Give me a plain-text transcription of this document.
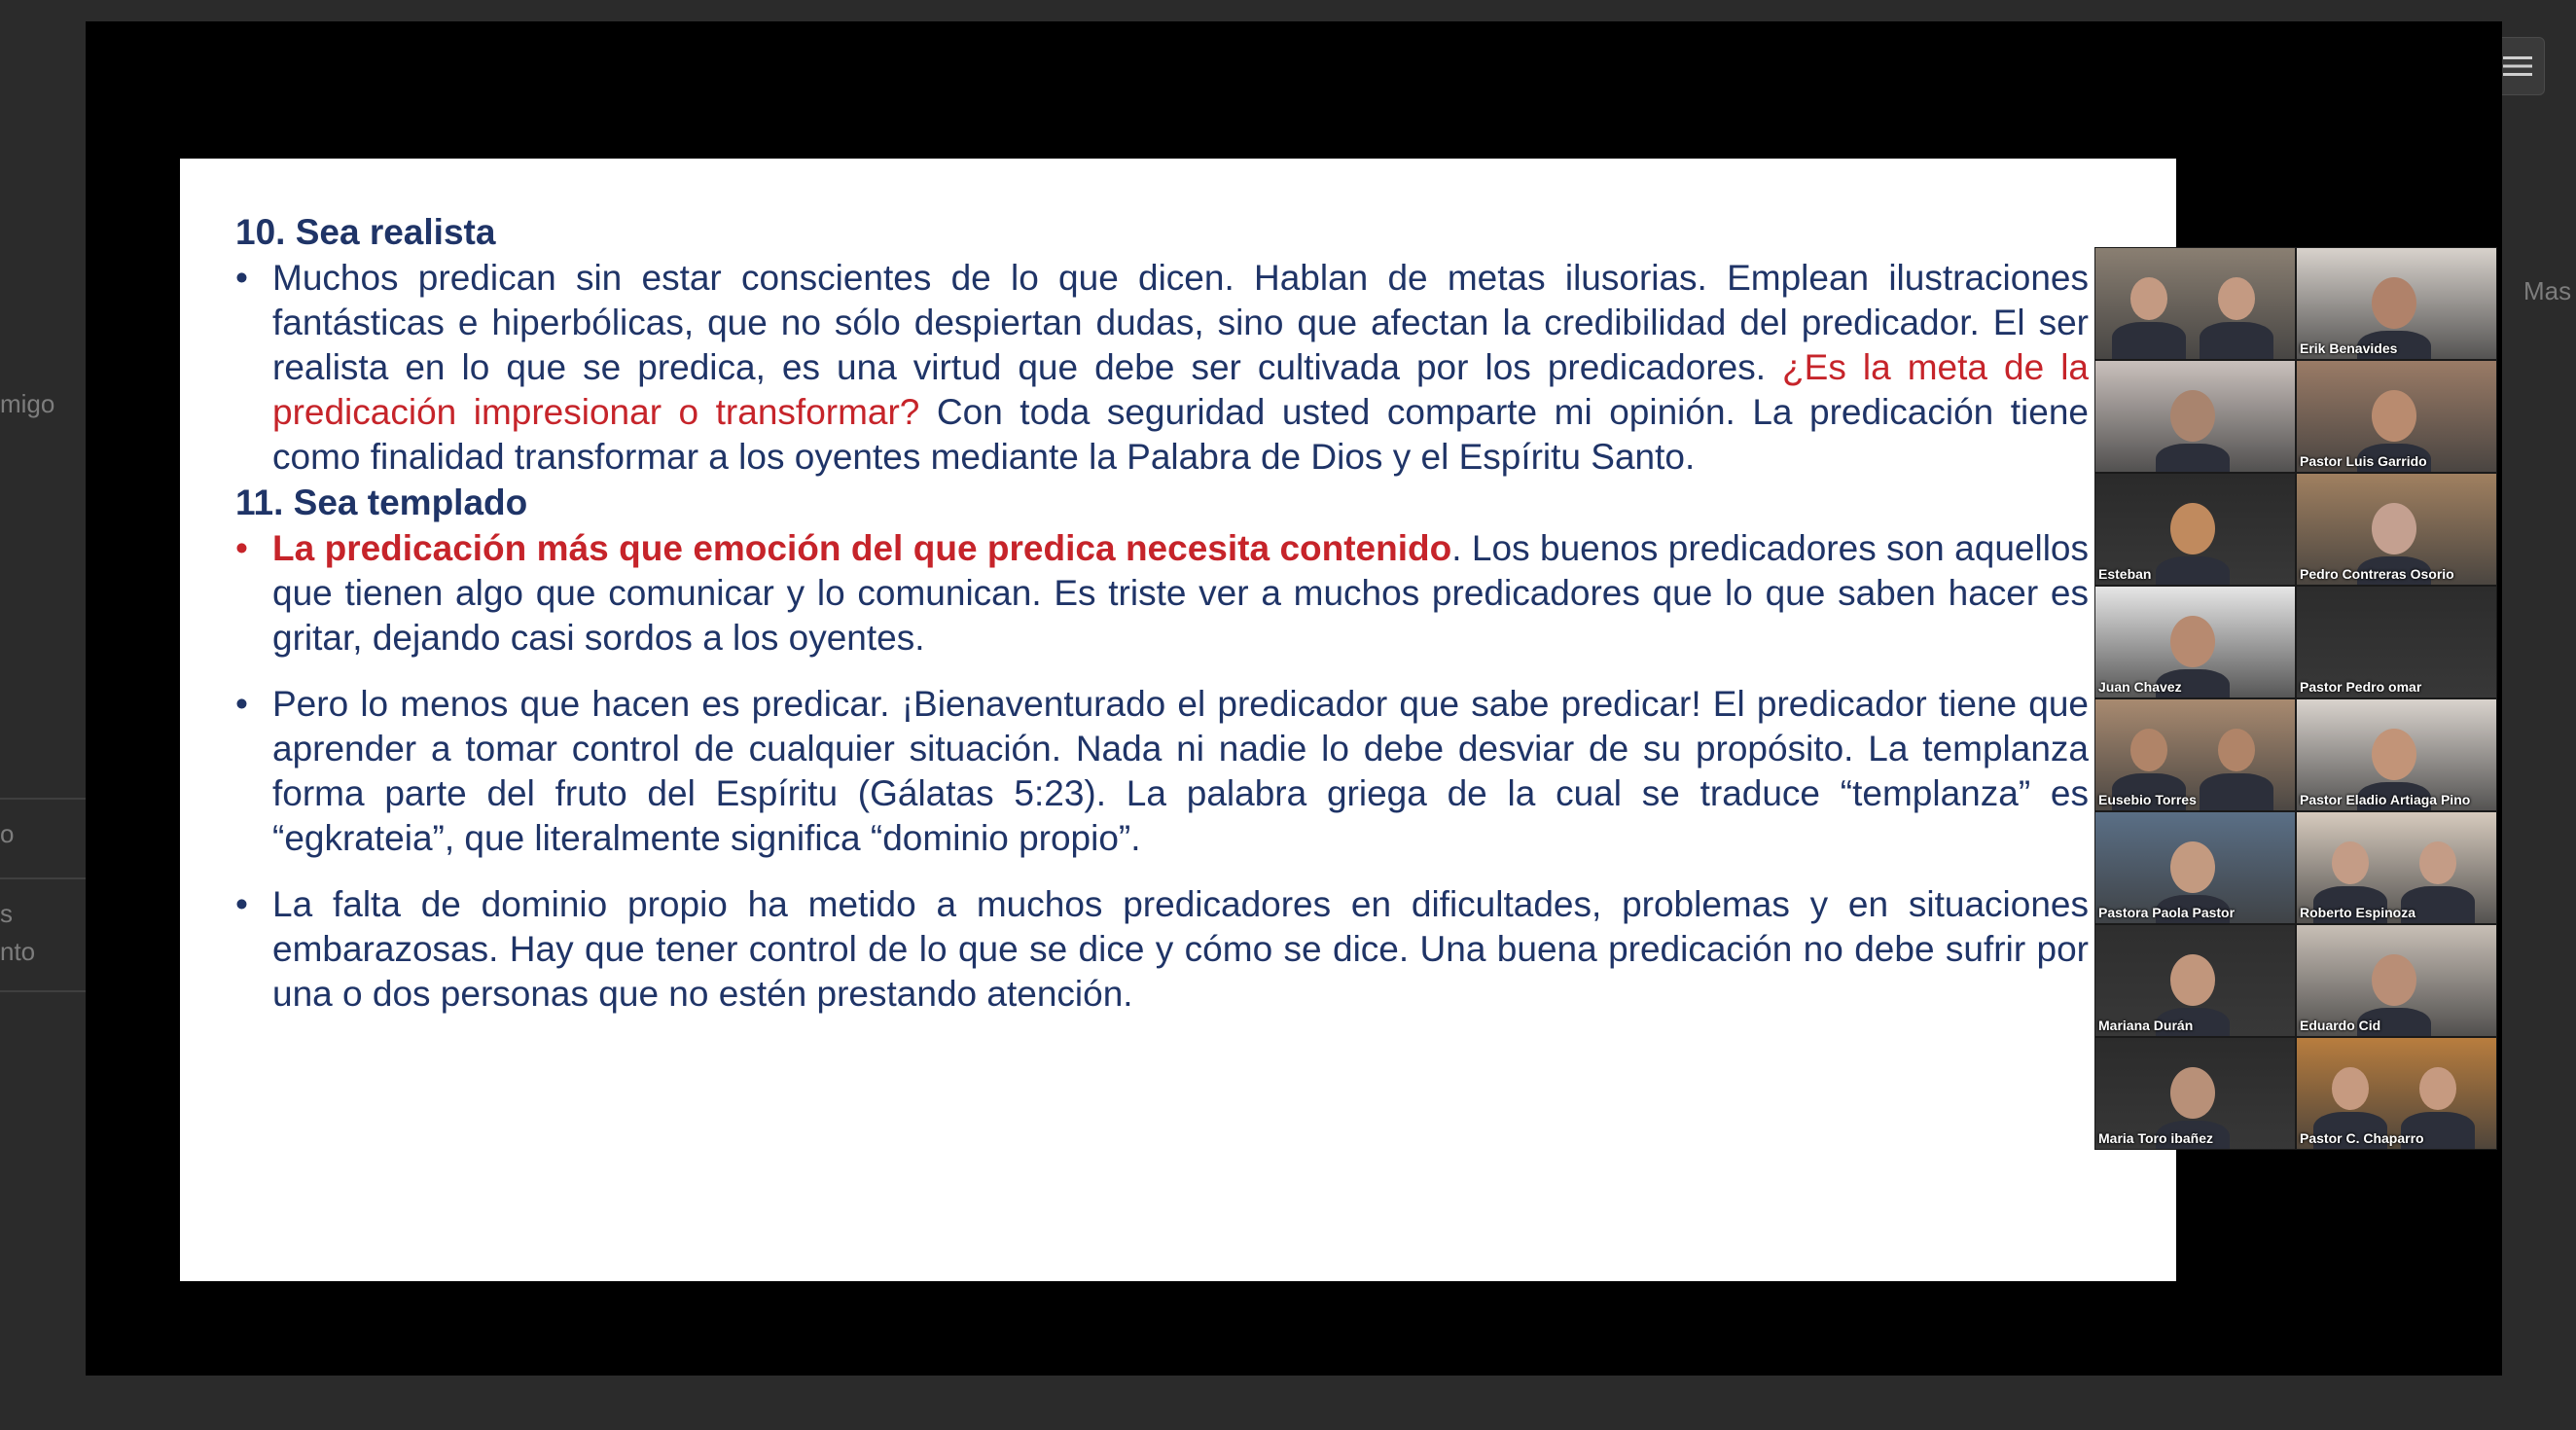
Mas
migo
o
s
nto
10. Sea realista
• Muchos predican sin estar conscientes de lo que dicen. Hablan de metas ilusorias. Emplean ilustraciones fantásticas e hiperbólicas, que no sólo despiertan dudas, sino que afectan la credibilidad del predicador. El ser realista en lo que se predica, es una virtud que debe ser cultivada por los predicadores. ¿Es la meta de la predicación impresionar o transformar? Con toda seguridad usted comparte mi opinión. La predicación tiene como finalidad transformar a los oyentes mediante la Palabra de Dios y el Espíritu Santo.
11. Sea templado
• La predicación más que emoción del que predica necesita contenido. Los buenos predicadores son aquellos que tienen algo que comunicar y lo comunican. Es triste ver a muchos predicadores que lo que saben hacer es gritar, dejando casi sordos a los oyentes.
• Pero lo menos que hacen es predicar. ¡Bienaventurado el predicador que sabe predicar! El predicador tiene que aprender a tomar control de cualquier situación. Nada ni nadie lo debe desviar de su propósito. La templanza forma parte del fruto del Espíritu (Gálatas 5:23). La palabra griega de la cual se traduce “templanza” es “egkrateia”, que literalmente significa “dominio propio”.
• La falta de dominio propio ha metido a muchos predicadores en dificultades, problemas y en situaciones embarazosas. Hay que tener control de lo que se dice y cómo se dice. Una buena predicación no debe sufrir por una o dos personas que no estén prestando atención.
Erik Benavides
Pastor Luis Garrido
Esteban	Pedro Contreras Osorio
Juan Chavez	Pastor Pedro omar
Eusebio Torres	Pastor Eladio Artiaga Pino
Pastora Paola Pastor	Roberto Espinoza
Mariana Durán	Eduardo Cid
Maria Toro ibañez	Pastor C. Chaparro
